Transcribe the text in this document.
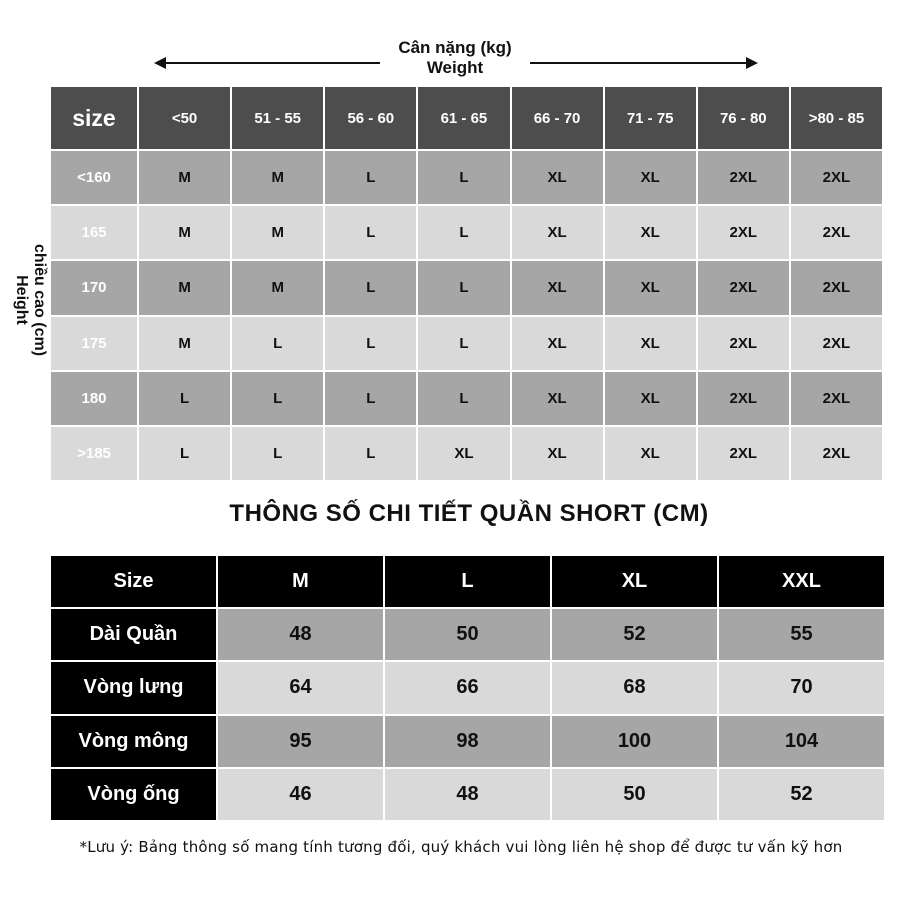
Cân nặng (kg)
Weight
chiều cao (cm)
Height
size	<50	51 - 55	56 - 60	61 - 65	66 - 70	71 - 75	76 - 80	>80 - 85
<160	M	M	L	L	XL	XL	2XL	2XL
165	M	M	L	L	XL	XL	2XL	2XL
170	M	M	L	L	XL	XL	2XL	2XL
175	M	L	L	L	XL	XL	2XL	2XL
180	L	L	L	L	XL	XL	2XL	2XL
>185	L	L	L	XL	XL	XL	2XL	2XL
THÔNG SỐ CHI TIẾT QUẦN SHORT (CM)
Size	M	L	XL	XXL
Dài Quần	48	50	52	55
Vòng lưng	64	66	68	70
Vòng mông	95	98	100	104
Vòng ống	46	48	50	52
*Lưu ý: Bảng thông số mang tính tương đối, quý khách vui lòng liên hệ shop để được tư vấn kỹ hơn
